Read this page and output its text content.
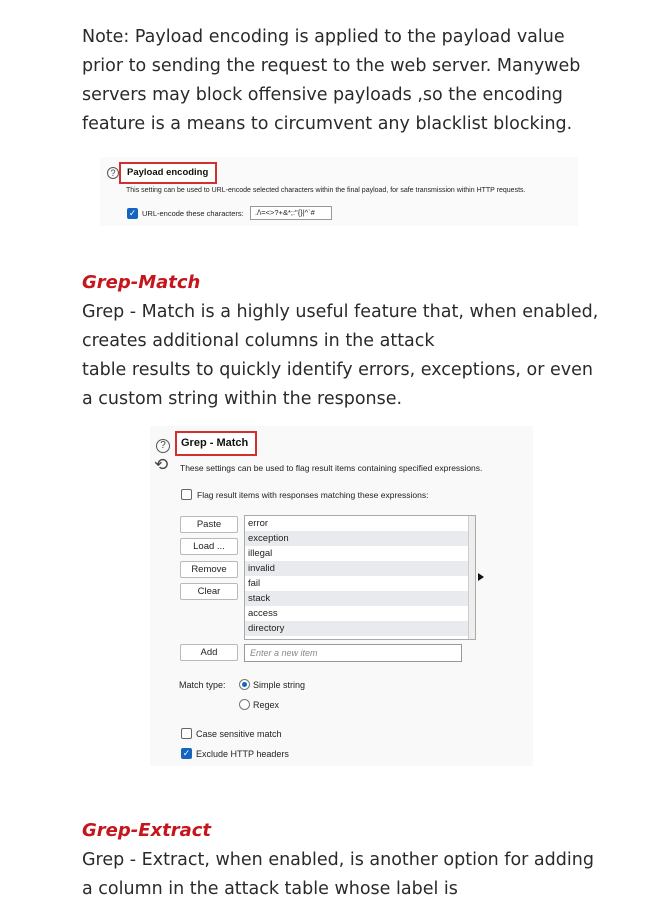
Note: Payload encoding is applied to the payload value
prior to sending the request to the web server. Manyweb
servers may block offensive payloads ,so the encoding
feature is a means to circumvent any blacklist blocking.
?	Payload encoding
This setting can be used to URL-encode selected characters within the final payload, for safe transmission within HTTP requests.
✓ URL-encode these characters:	./\=<>?+&*;:"{}|^`#
Grep-Match
Grep - Match is a highly useful feature that, when enabled,
creates additional columns in the attack
table results to quickly identify errors, exceptions, or even
a custom string within the response.
?
⟲
Grep - Match
These settings can be used to flag result items containing specified expressions.
Flag result items with responses matching these expressions:
Paste
Load ...
Remove
Clear
error
exception
illegal
invalid
fail
stack
access
directory
Add	Enter a new item
Match type:	Simple string
Regex
Case sensitive match
✓ Exclude HTTP headers
Grep-Extract
Grep - Extract, when enabled, is another option for adding
a column in the attack table whose label is
